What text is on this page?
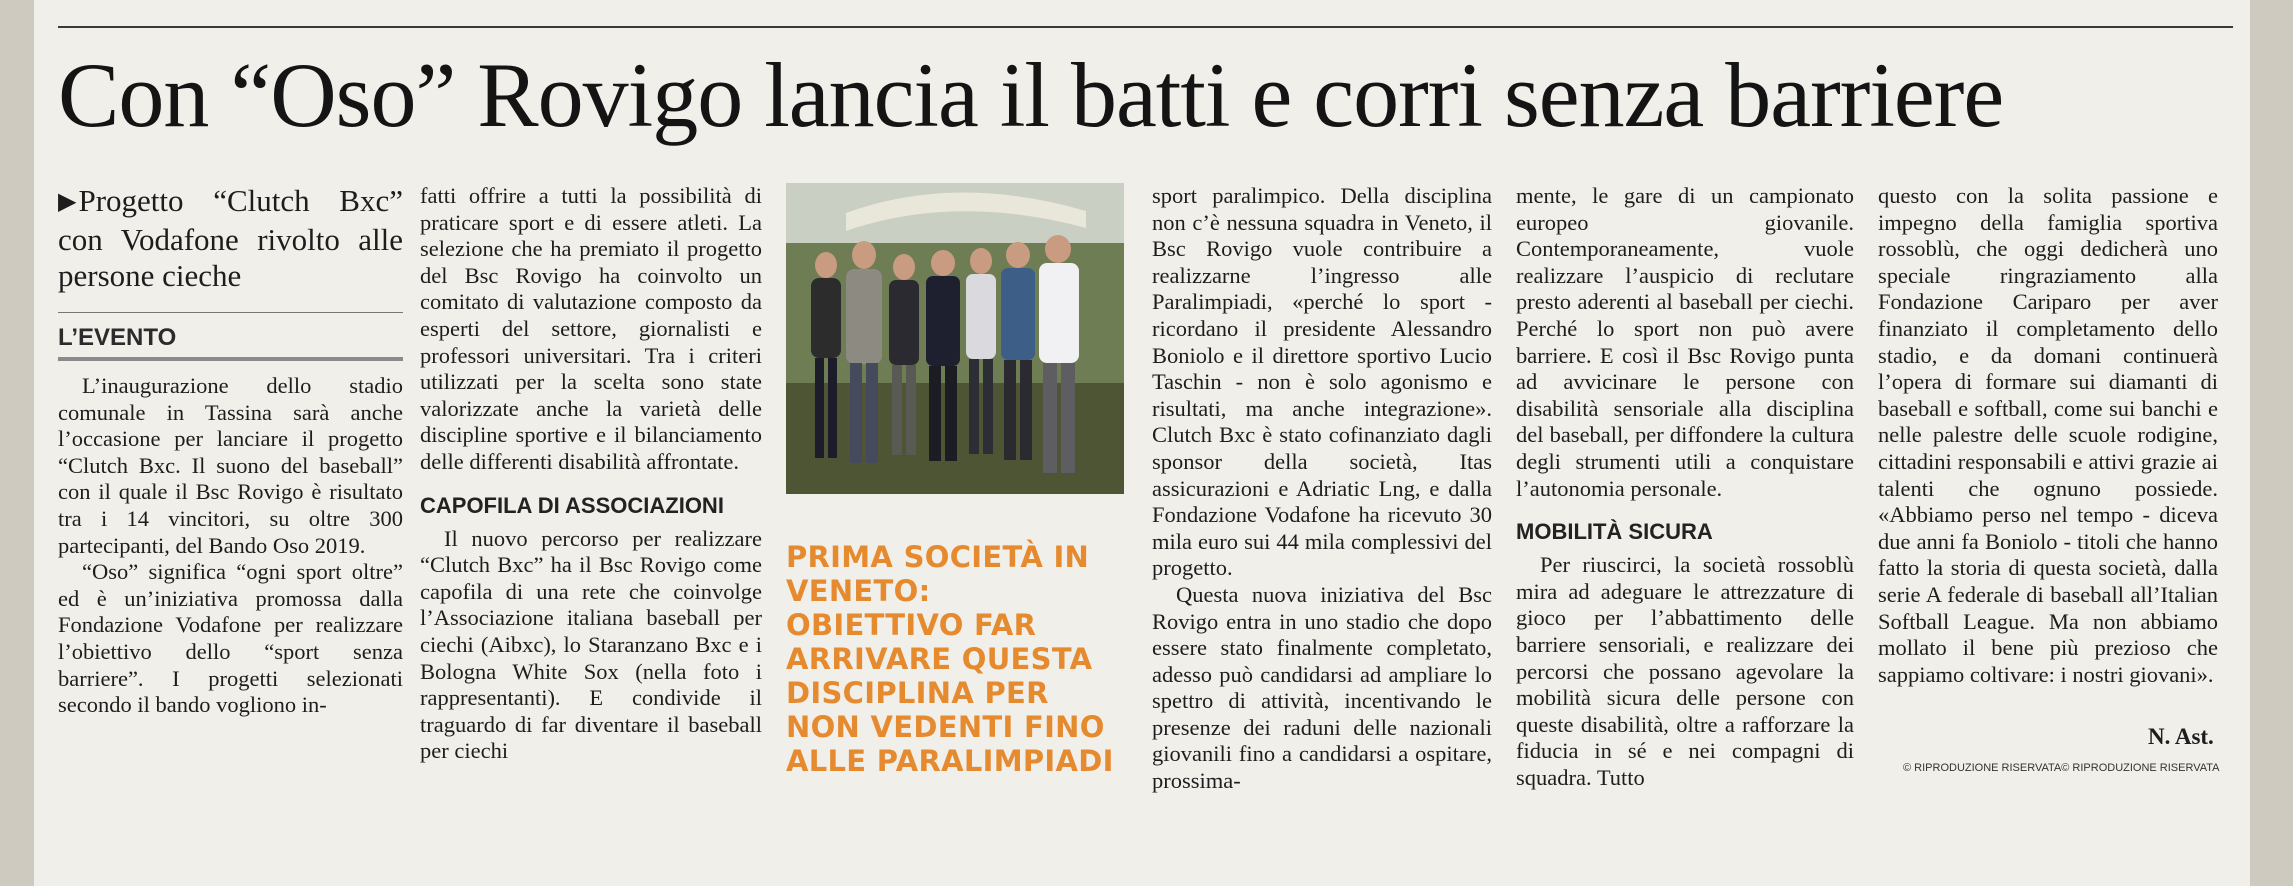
Con “Oso” Rovigo lancia il batti e corri senza barriere

▶Progetto “Clutch Bxc” con Vodafone rivolto alle persone cieche

L’EVENTO

L’inaugurazione dello stadio comunale in Tassina sarà anche l’occasione per lanciare il progetto “Clutch Bxc. Il suono del baseball” con il quale il Bsc Rovigo è risultato tra i 14 vincitori, su oltre 300 partecipanti, del Bando Oso 2019.

“Oso” significa “ogni sport oltre” ed è un’iniziativa promossa dalla Fondazione Vodafone per realizzare l’obiettivo dello “sport senza barriere”. I progetti selezionati secondo il bando vogliono in-

fatti offrire a tutti la possibilità di praticare sport e di essere atleti. La selezione che ha premiato il progetto del Bsc Rovigo ha coinvolto un comitato di valutazione composto da esperti del settore, giornalisti e professori universitari. Tra i criteri utilizzati per la scelta sono state valorizzate anche la varietà delle discipline sportive e il bilanciamento delle differenti disabilità affrontate.

CAPOFILA DI ASSOCIAZIONI

Il nuovo percorso per realizzare “Clutch Bxc” ha il Bsc Rovigo come capofila di una rete che coinvolge l’Associazione italiana baseball per ciechi (Aibxc), lo Staranzano Bxc e i Bologna White Sox (nella foto i rappresentanti). E condivide il traguardo di far diventare il baseball per ciechi

PRIMA SOCIETÀ IN VENETO: OBIETTIVO FAR ARRIVARE QUESTA DISCIPLINA PER NON VEDENTI FINO ALLE PARALIMPIADI

sport paralimpico. Della disciplina non c’è nessuna squadra in Veneto, il Bsc Rovigo vuole contribuire a realizzarne l’ingresso alle Paralimpiadi, «perché lo sport - ricordano il presidente Alessandro Boniolo e il direttore sportivo Lucio Taschin - non è solo agonismo e risultati, ma anche integrazione». Clutch Bxc è stato cofinanziato dagli sponsor della società, Itas assicurazioni e Adriatic Lng, e dalla Fondazione Vodafone ha ricevuto 30 mila euro sui 44 mila complessivi del progetto.

Questa nuova iniziativa del Bsc Rovigo entra in uno stadio che dopo essere stato finalmente completato, adesso può candidarsi ad ampliare lo spettro di attività, incentivando le presenze dei raduni delle nazionali giovanili fino a candidarsi a ospitare, prossima-

mente, le gare di un campionato europeo giovanile. Contemporaneamente, vuole realizzare l’auspicio di reclutare presto aderenti al baseball per ciechi. Perché lo sport non può avere barriere. E così il Bsc Rovigo punta ad avvicinare le persone con disabilità sensoriale alla disciplina del baseball, per diffondere la cultura degli strumenti utili a conquistare l’autonomia personale.

MOBILITÀ SICURA

Per riuscirci, la società rossoblù mira ad adeguare le attrezzature di gioco per l’abbattimento delle barriere sensoriali, e realizzare dei percorsi che possano agevolare la mobilità sicura delle persone con queste disabilità, oltre a rafforzare la fiducia in sé e nei compagni di squadra. Tutto

questo con la solita passione e impegno della famiglia sportiva rossoblù, che oggi dedicherà uno speciale ringraziamento alla Fondazione Cariparo per aver finanziato il completamento dello stadio, e da domani continuerà l’opera di formare sui diamanti di baseball e softball, come sui banchi e nelle palestre delle scuole rodigine, cittadini responsabili e attivi grazie ai talenti che ognuno possiede. «Abbiamo perso nel tempo - diceva due anni fa Boniolo - titoli che hanno fatto la storia di questa società, dalla serie A federale di baseball all’Italian Softball League. Ma non abbiamo mollato il bene più prezioso che sappiamo coltivare: i nostri giovani».

N. Ast.
© RIPRODUZIONE RISERVATA© RIPRODUZIONE RISERVATA
